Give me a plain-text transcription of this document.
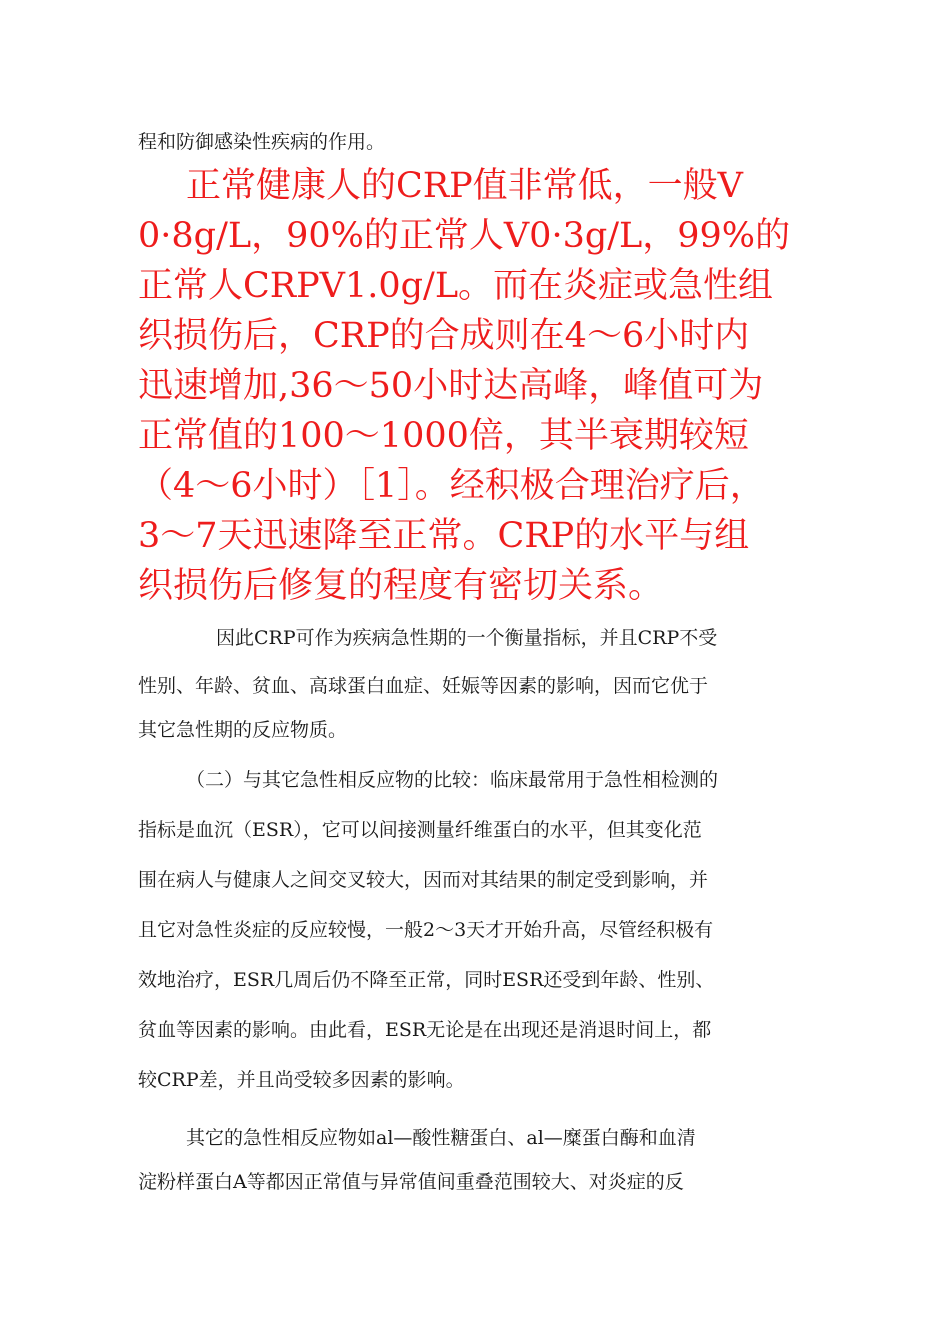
程和防御感染性疾病的作用。

正常健康人的CRP值非常低，一般V

0·8g/L，90%的正常人V0·3g/L，99%的

正常人CRPV1.0g/L。而在炎症或急性组

织损伤后，CRP的合成则在4〜6小时内

迅速增加,36〜50小时达高峰，峰值可为

正常值的100〜1000倍，其半衰期较短

（4〜6小时）［1］。经积极合理治疗后，

3〜7天迅速降至正常。CRP的水平与组

织损伤后修复的程度有密切关系。

因此CRP可作为疾病急性期的一个衡量指标，并且CRP不受

性别、年龄、贫血、高球蛋白血症、妊娠等因素的影响，因而它优于

其它急性期的反应物质。

（二）与其它急性相反应物的比较：临床最常用于急性相检测的

指标是血沉（ESR），它可以间接测量纤维蛋白的水平，但其变化范

围在病人与健康人之间交叉较大，因而对其结果的制定受到影响，并

且它对急性炎症的反应较慢，一般2〜3天才开始升高，尽管经积极有

效地治疗，ESR几周后仍不降至正常，同时ESR还受到年龄、性别、

贫血等因素的影响。由此看，ESR无论是在出现还是消退时间上，都

较CRP差，并且尚受较多因素的影响。

其它的急性相反应物如al—酸性糖蛋白、al—糜蛋白酶和血清

淀粉样蛋白A等都因正常值与异常值间重叠范围较大、对炎症的反
